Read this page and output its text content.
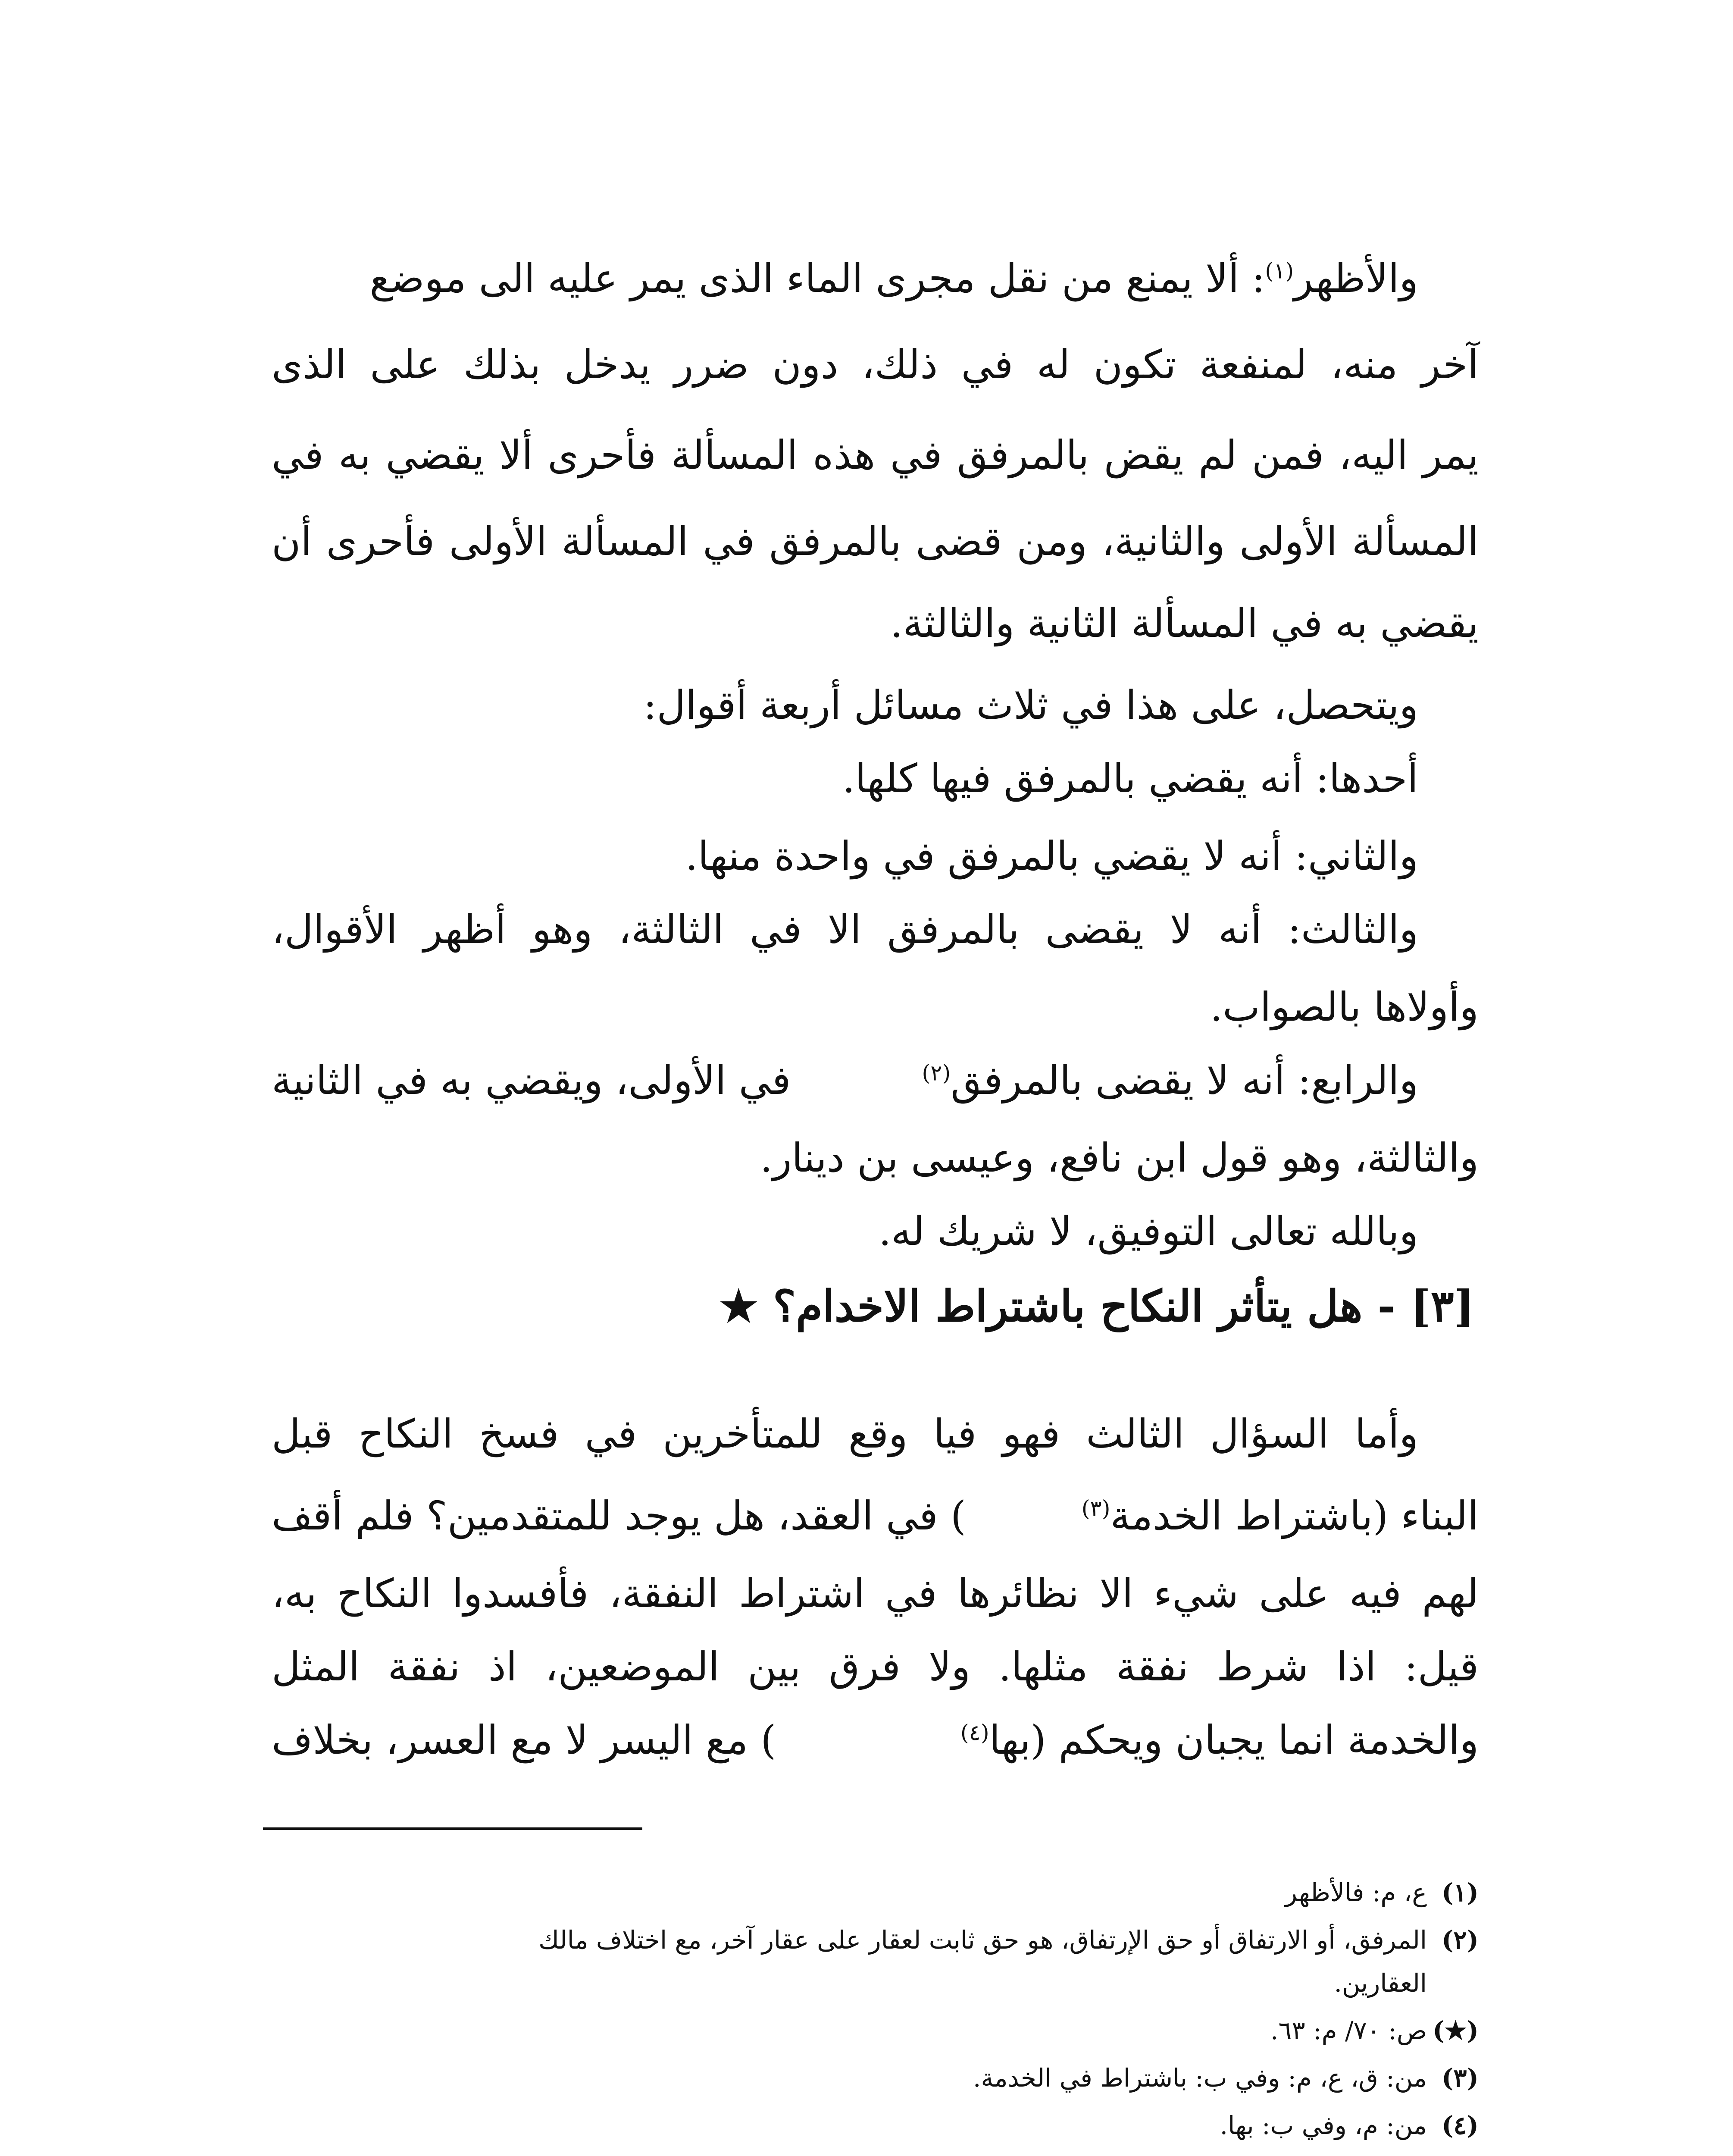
والأظهر$^{(١)}$: ألا يمنع من نقل مجرى الماء الذى يمر عليه الى موضع
آخر منه، لمنفعة تكون له في ذلك، دون ضرر يدخل بذلك على الذى
يمر اليه، فمن لم يقض بالمرفق في هذه المسألة فأحرى ألا يقضي به في
المسألة الأولى والثانية، ومن قضى بالمرفق في المسألة الأولى فأحرى أن
يقضي به في المسألة الثانية والثالثة.
ويتحصل، على هذا في ثلاث مسائل أربعة أقوال:
أحدها: أنه يقضي بالمرفق فيها كلها.
والثاني: أنه لا يقضي بالمرفق في واحدة منها.
والثالث: أنه لا يقضى بالمرفق الا في الثالثة، وهو أظهر الأقوال،
وأولاها بالصواب.
والرابع: أنه لا يقضى بالمرفق$^{(٢)}$
في الأولى، ويقضي به في الثانية
والثالثة، وهو قول ابن نافع، وعيسى بن دينار.
وبالله تعالى التوفيق، لا شريك له.
[٣] - هل يتأثر النكاح باشتراط الاخدام؟ ★
وأما السؤال الثالث فهو فيا وقع للمتأخرين في فسخ النكاح قبل
البناء (باشتراط الخدمة$^{(٣)}$
) في العقد، هل يوجد للمتقدمين؟ فلم أقف
لهم فيه على شيء الا نظائرها في اشتراط النفقة، فأفسدوا النكاح به،
قيل: اذا شرط نفقة مثلها. ولا فرق بين الموضعين، اذ نفقة المثل
والخدمة انما يجبان ويحكم (بها$^{(٤)}$
) مع اليسر لا مع العسر، بخلاف
(١)ع، م: فالأظهر
(٢)المرفق، أو الارتفاق أو حق الإرتفاق، هو حق ثابت لعقار على عقار آخر، مع اختلاف مالك
العقارين.
(★)ص: ٧٠/ م: ٦٣.
(٣)من: ق، ع، م: وفي ب: باشتراط في الخدمة.
(٤)من: م، وفي ب: بها.
